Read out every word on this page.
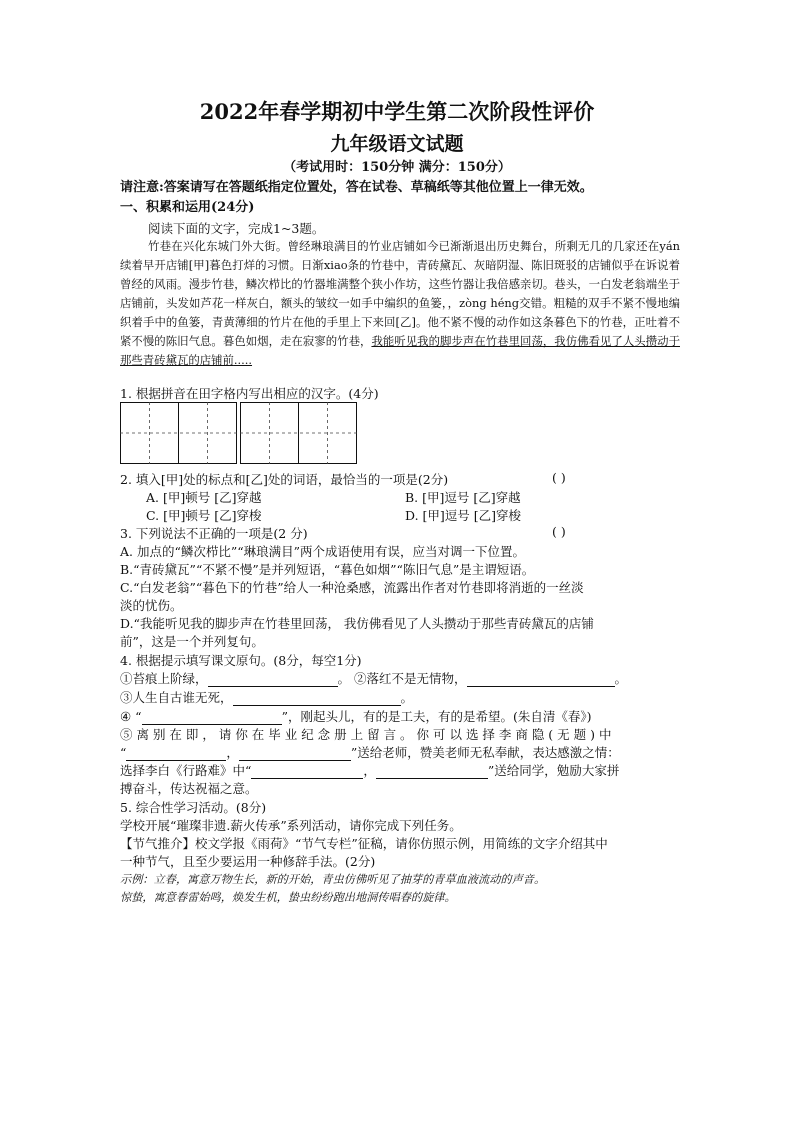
2022年春学期初中学生第二次阶段性评价
九年级语文试题
（考试用时：150分钟 满分：150分）
请注意:答案请写在答题纸指定位置处，答在试卷、草稿纸等其他位置上一律无效。
一、积累和运用(24分)
阅读下面的文字，完成1~3题。
竹巷在兴化东城门外大街。曾经琳琅满目的竹业店铺如今已渐渐退出历史舞台，所剩无几的几家还在yán续着早开店铺[甲]暮色打烊的习惯。日渐xiao条的竹巷中，青砖黛瓦、灰暗阴湿、陈旧斑驳的店铺似乎在诉说着曾经的风雨。漫步竹巷，鳞次栉比的竹器堆满整个狭小作坊，这些竹器让我倍感亲切。巷头，一白发老翁端坐于店铺前，头发如芦花一样灰白，额头的皱纹一如手中编织的鱼篓，，zòng héng交错。粗糙的双手不紧不慢地编织着手中的鱼篓，青黄薄细的竹片在他的手里上下来回[乙]。他不紧不慢的动作如这条暮色下的竹巷，正吐着不紧不慢的陈旧气息。暮色如烟，走在寂寥的竹巷，我能听见我的脚步声在竹巷里回荡，我仿佛看见了人头攒动于那些青砖黛瓦的店铺前.....
1. 根据拼音在田字格内写出相应的汉字。(4分)
2. 填入[甲]处的标点和[乙]处的词语，最恰当的一项是(2分)	( )
A. [甲]顿号 [乙]穿越	B. [甲]逗号 [乙]穿越
C. [甲]顿号 [乙]穿梭	D. [甲]逗号 [乙]穿梭
3. 下列说法不正确的一项是(2 分)	( )
A. 加点的“鳞次栉比”“琳琅满目”两个成语使用有误，应当对调一下位置。
B.“青砖黛瓦”“不紧不慢”是并列短语，“暮色如烟”“陈旧气息”是主谓短语。
C.“白发老翁”“暮色下的竹巷”给人一种沧桑感，流露出作者对竹巷即将消逝的一丝淡
淡的忧伤。
D.“我能听见我的脚步声在竹巷里回荡， 我仿佛看见了人头攒动于那些青砖黛瓦的店铺
前”，这是一个并列复句。
4. 根据提示填写课文原句。(8分，每空1分)
①苔痕上阶绿，	。 ②落红不是无情物，	。
③人生自古谁无死，	。
④ “	”，刚起头儿，有的是工夫，有的是希望。(朱自清《春》)
⑤ 离 别 在 即 ， 请 你 在 毕 业 纪 念 册 上 留 言 。 你 可 以 选 择 李 商 隐 ( 无 题 ) 中
“	，	”送给老师，赞美老师无私奉献，表达感激之情：
选择李白《行路难》中“	，	”送给同学，勉励大家拼
搏奋斗，传达祝福之意。
5. 综合性学习活动。(8分)
学校开展“璀璨非遗.薪火传承”系列活动，请你完成下列任务。
【节气推介】校文学报《雨荷》“节气专栏”征稿，请你仿照示例，用简练的文字介绍其中
一种节气，且至少要运用一种修辞手法。(2分)
示例：立春，寓意万物生长，新的开始，青虫仿佛听见了抽芽的青草血液流动的声音。
惊蛰，寓意春雷始鸣，焕发生机，蛰虫纷纷跑出地洞传唱春的旋律。
